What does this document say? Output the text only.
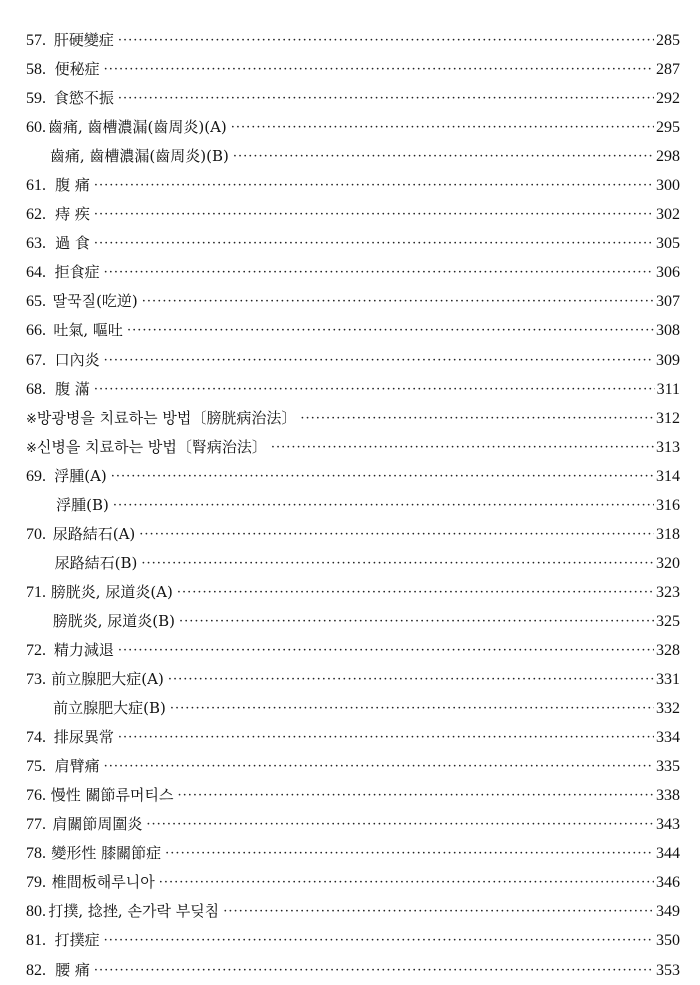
57. 肝硬變症 ·····	285
58. 便秘症 ·····	287
59. 食慾不振 ·····	292
60. 齒痛, 齒槽濃漏(齒周炎)(A) ·····	295
齒痛, 齒槽濃漏(齒周炎)(B) ·····	298
61. 腹 痛 ·····	300
62. 痔 疾 ·····	302
63. 過 食 ·····	305
64. 拒食症 ·····	306
65. 딸꾹질(吃逆) ·····	307
66. 吐氣, 嘔吐 ·····	308
67. 口內炎 ·····	309
68. 腹 滿 ·····	311
※ 방광병을 치료하는 방법〔膀胱病治法〕 ·····	312
※ 신병을 치료하는 방법〔腎病治法〕 ·····	313
69. 浮腫(A) ·····	314
浮腫(B) ·····	316
70. 尿路結石(A) ·····	318
尿路結石(B) ·····	320
71. 膀胱炎, 尿道炎(A) ·····	323
膀胱炎, 尿道炎(B) ·····	325
72. 精力減退 ·····	328
73. 前立腺肥大症(A) ·····	331
前立腺肥大症(B) ·····	332
74. 排尿異常 ·····	334
75. 肩臂痛 ·····	335
76. 慢性 關節류머티스 ·····	338
77. 肩關節周圍炎 ·····	343
78. 變形性 膝關節症 ·····	344
79. 椎間板해루니아 ·····	346
80. 打撲, 捻挫, 손가락 부딪침 ·····	349
81. 打撲症 ·····	350
82. 腰 痛 ·····	353
